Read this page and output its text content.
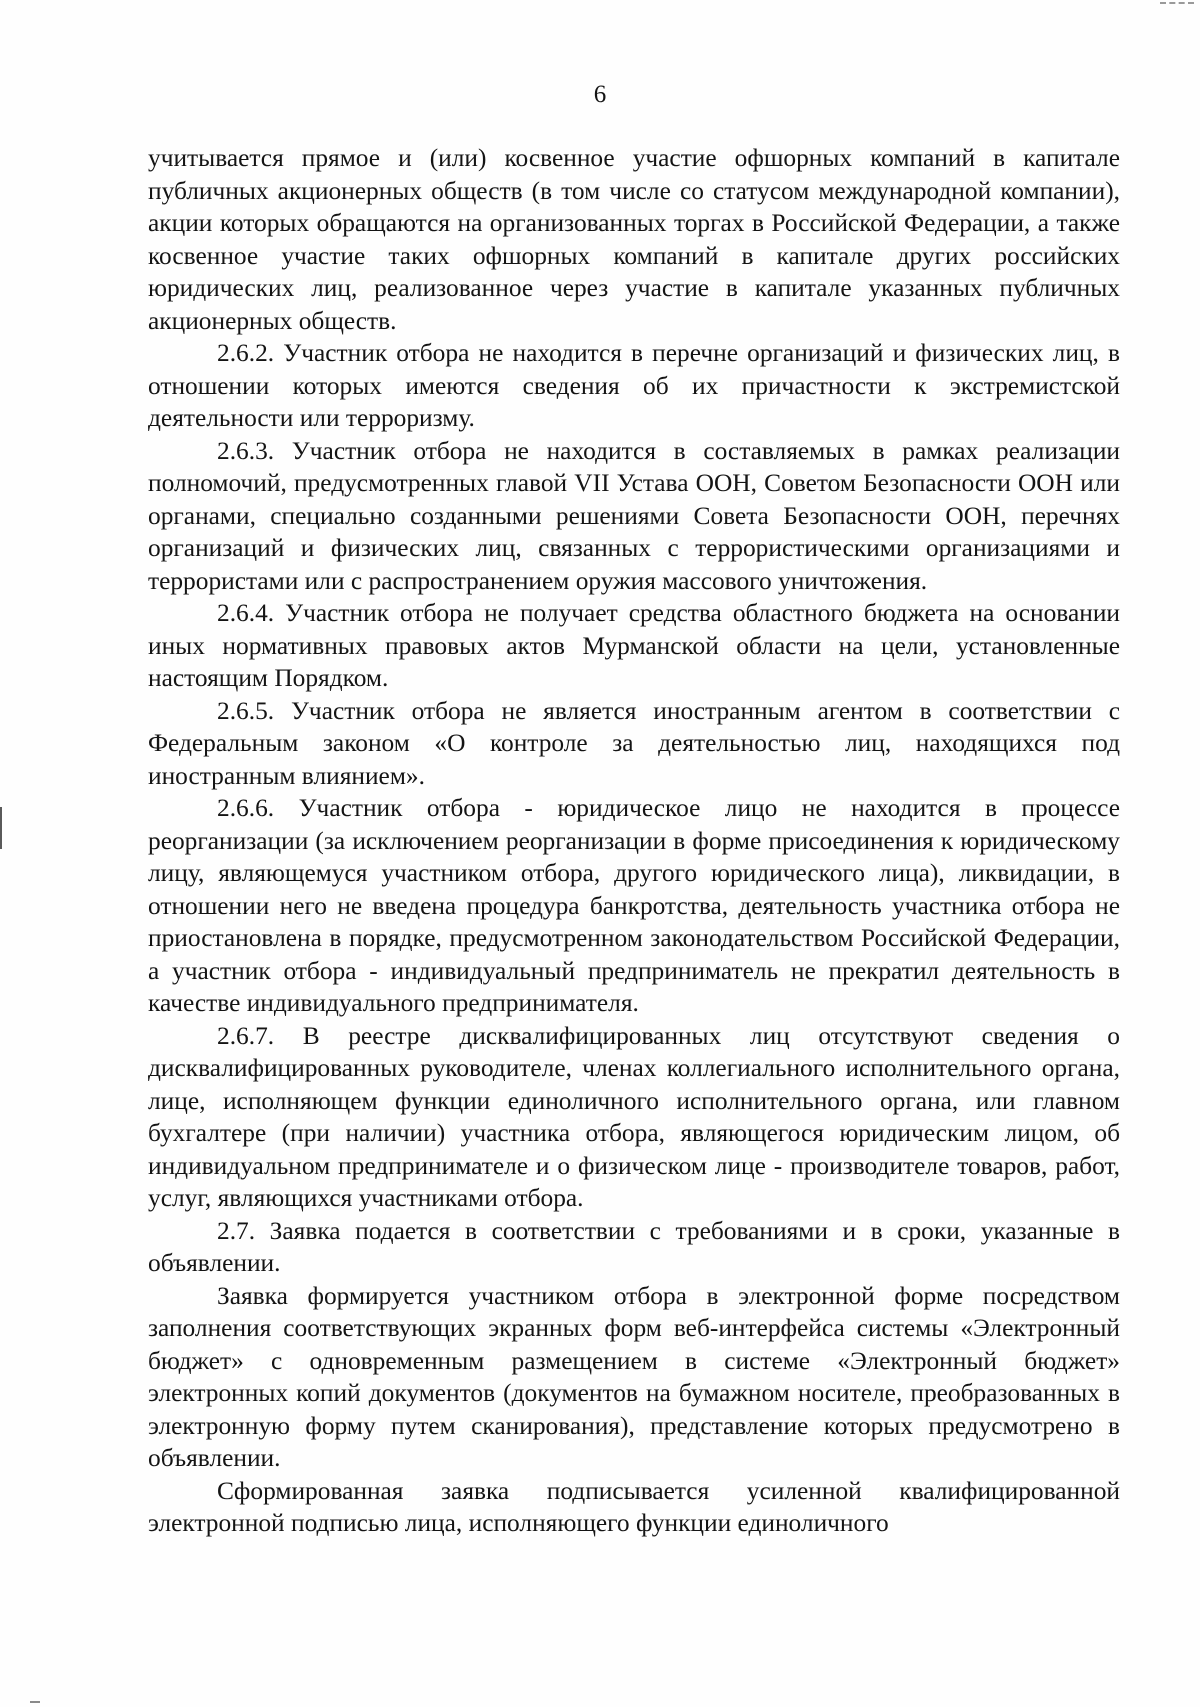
6

учитывается прямое и (или) косвенное участие офшорных компаний в капитале публичных акционерных обществ (в том числе со статусом международной компании), акции которых обращаются на организованных торгах в Российской Федерации, а также косвенное участие таких офшорных компаний в капитале других российских юридических лиц, реализованное через участие в капитале указанных публичных акционерных обществ.

2.6.2. Участник отбора не находится в перечне организаций и физических лиц, в отношении которых имеются сведения об их причастности к экстремистской деятельности или терроризму.

2.6.3. Участник отбора не находится в составляемых в рамках реализации полномочий, предусмотренных главой VII Устава ООН, Советом Безопасности ООН или органами, специально созданными решениями Совета Безопасности ООН, перечнях организаций и физических лиц, связанных с террористическими организациями и террористами или с распространением оружия массового уничтожения.

2.6.4. Участник отбора не получает средства областного бюджета на основании иных нормативных правовых актов Мурманской области на цели, установленные настоящим Порядком.

2.6.5. Участник отбора не является иностранным агентом в соответствии с Федеральным законом «О контроле за деятельностью лиц, находящихся под иностранным влиянием».

2.6.6. Участник отбора - юридическое лицо не находится в процессе реорганизации (за исключением реорганизации в форме присоединения к юридическому лицу, являющемуся участником отбора, другого юридического лица), ликвидации, в отношении него не введена процедура банкротства, деятельность участника отбора не приостановлена в порядке, предусмотренном законодательством Российской Федерации, а участник отбора - индивидуальный предприниматель не прекратил деятельность в качестве индивидуального предпринимателя.

2.6.7. В реестре дисквалифицированных лиц отсутствуют сведения о дисквалифицированных руководителе, членах коллегиального исполнительного органа, лице, исполняющем функции единоличного исполнительного органа, или главном бухгалтере (при наличии) участника отбора, являющегося юридическим лицом, об индивидуальном предпринимателе и о физическом лице - производителе товаров, работ, услуг, являющихся участниками отбора.

2.7. Заявка подается в соответствии с требованиями и в сроки, указанные в объявлении.

Заявка формируется участником отбора в электронной форме посредством заполнения соответствующих экранных форм веб-интерфейса системы «Электронный бюджет» с одновременным размещением в системе «Электронный бюджет» электронных копий документов (документов на бумажном носителе, преобразованных в электронную форму путем сканирования), представление которых предусмотрено в объявлении.

Сформированная заявка подписывается усиленной квалифицированной электронной подписью лица, исполняющего функции единоличного
